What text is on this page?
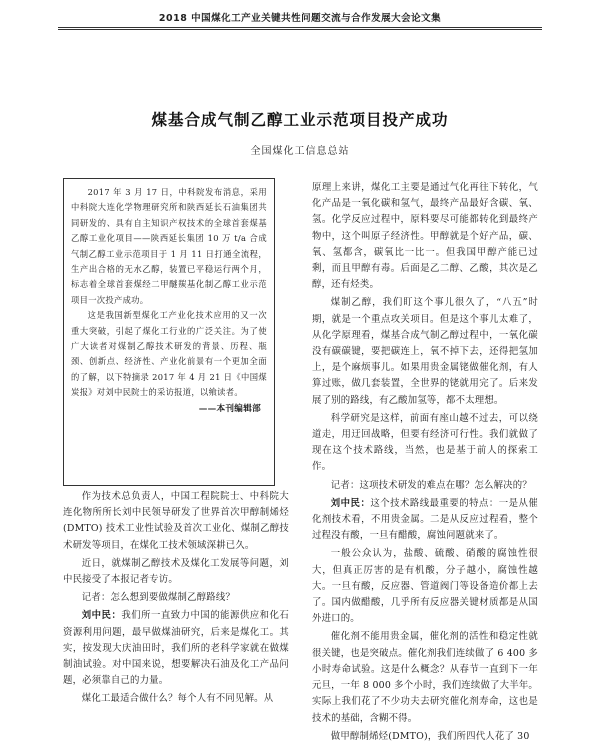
2018 中国煤化工产业关键共性问题交流与合作发展大会论文集
煤基合成气制乙醇工业示范项目投产成功
全国煤化工信息总站

2017 年 3 月 17 日，中科院发布消息，采用中科院大连化学物理研究所和陕西延长石油集团共同研发的、具有自主知识产权技术的全球首套煤基乙醇工业化项目——陕西延长集团 10 万 t/a 合成气制乙醇工业示范项目于 1 月 11 日打通全流程，生产出合格的无水乙醇，装置已平稳运行两个月，标志着全球首套煤经二甲醚羰基化制乙醇工业示范项目一次投产成功。

这是我国新型煤化工产业化技术应用的又一次重大突破，引起了煤化工行业的广泛关注。为了使广大读者对煤制乙醇技术研发的背景、历程、瓶颈、创新点、经济性、产业化前景有一个更加全面的了解，以下特摘录 2017 年 4 月 21 日《中国煤炭报》对刘中民院士的采访报道，以飨读者。

——本刊编辑部

作为技术总负责人，中国工程院院士、中科院大连化物所所长刘中民领导研发了世界首次甲醇制烯烃 (DMTO) 技术工业性试验及首次工业化、煤制乙醇技术研发等项目，在煤化工技术领域深耕已久。

近日，就煤制乙醇技术及煤化工发展等问题，刘中民接受了本报记者专访。

记者：怎么想到要做煤制乙醇路线？

刘中民：我们所一直致力中国的能源供应和化石资源利用问题，最早做煤油研究，后来是煤化工。其实，按发现大庆油田时，我们所的老科学家就在做煤制油试验。对中国来说，想要解决石油及化工产品问题，必须靠自己的力量。

煤化工最适合做什么？每个人有不同见解。从

原理上来讲，煤化工主要是通过气化再往下转化，气化产品是一氧化碳和氢气，最终产品最好含碳、氧、氢。化学反应过程中，原料要尽可能都转化到最终产物中，这个叫原子经济性。甲醇就是个好产品，碳、氧、氢都含，碳氧比一比一。但我国甲醇产能已过剩，而且甲醇有毒。后面是乙二醇、乙酸，其次是乙醇，还有烃类。

煤制乙醇，我们盯这个事儿很久了，“八五”时期，就是一个重点攻关项目。但是这个事儿太难了，从化学原理看，煤基合成气制乙醇过程中，一氧化碳没有碳碳键，要把碳连上，氧不掉下去，还得把氢加上，是个麻烦事儿。如果用贵金属铑做催化剂，有人算过账，做几套装置，全世界的铑就用完了。后来发展了别的路线，有乙酸加氢等，都不太理想。

科学研究是这样，前面有座山越不过去，可以绕道走，用迂回战略，但要有经济可行性。我们就做了现在这个技术路线，当然，也是基于前人的探索工作。

记者：这项技术研发的难点在哪？怎么解决的？

刘中民：这个技术路线最重要的特点：一是从催化剂技术看，不用贵金属。二是从反应过程看，整个过程没有酸，一旦有醋酸，腐蚀问题就来了。

一般公众认为，盐酸、硫酸、硝酸的腐蚀性很大，但真正厉害的是有机酸，分子越小，腐蚀性越大。一旦有酸，反应器、管道阀门等设备造价都上去了。国内做醋酸，几乎所有反应器关键材质都是从国外进口的。

催化剂不能用贵金属，催化剂的活性和稳定性就很关键，也是突破点。催化剂我们连续做了 6 400 多小时寿命试验。这是什么概念？从春节一直到下一年元旦，一年 8 000 多个小时，我们连续做了大半年。实际上我们花了不少功夫去研究催化剂寿命，这也是技术的基础，含糊不得。

做甲醇制烯烃(DMTO)，我们所四代人花了 30
